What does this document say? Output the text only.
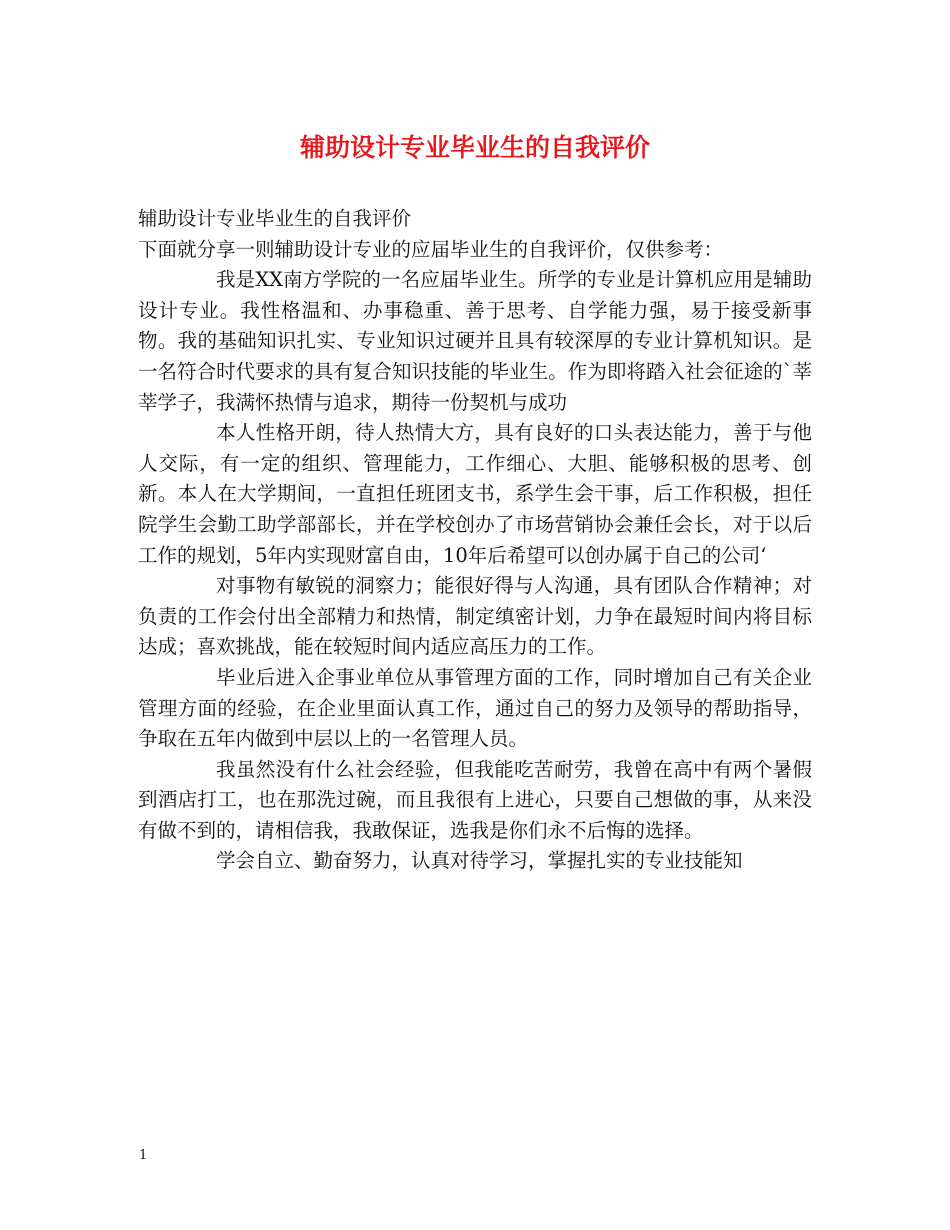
辅助设计专业毕业生的自我评价

辅助设计专业毕业生的自我评价

下面就分享一则辅助设计专业的应届毕业生的自我评价，仅供参考：

我是XX南方学院的一名应届毕业生。所学的专业是计算机应用是辅助设计专业。我性格温和、办事稳重、善于思考、自学能力强，易于接受新事物。我的基础知识扎实、专业知识过硬并且具有较深厚的专业计算机知识。是一名符合时代要求的具有复合知识技能的毕业生。作为即将踏入社会征途的`莘莘学子，我满怀热情与追求，期待一份契机与成功

本人性格开朗，待人热情大方，具有良好的口头表达能力，善于与他人交际，有一定的组织、管理能力，工作细心、大胆、能够积极的思考、创新。本人在大学期间，一直担任班团支书，系学生会干事，后工作积极，担任院学生会勤工助学部部长，并在学校创办了市场营销协会兼任会长，对于以后工作的规划，5年内实现财富自由，10年后希望可以创办属于自己的公司‘

对事物有敏锐的洞察力；能很好得与人沟通，具有团队合作精神；对负责的工作会付出全部精力和热情，制定缜密计划，力争在最短时间内将目标达成；喜欢挑战，能在较短时间内适应高压力的工作。

毕业后进入企事业单位从事管理方面的工作，同时增加自己有关企业管理方面的经验，在企业里面认真工作，通过自己的努力及领导的帮助指导，争取在五年内做到中层以上的一名管理人员。

我虽然没有什么社会经验，但我能吃苦耐劳，我曾在高中有两个暑假到酒店打工，也在那洗过碗，而且我很有上进心，只要自己想做的事，从来没有做不到的，请相信我，我敢保证，选我是你们永不后悔的选择。

学会自立、勤奋努力，认真对待学习，掌握扎实的专业技能知

1
